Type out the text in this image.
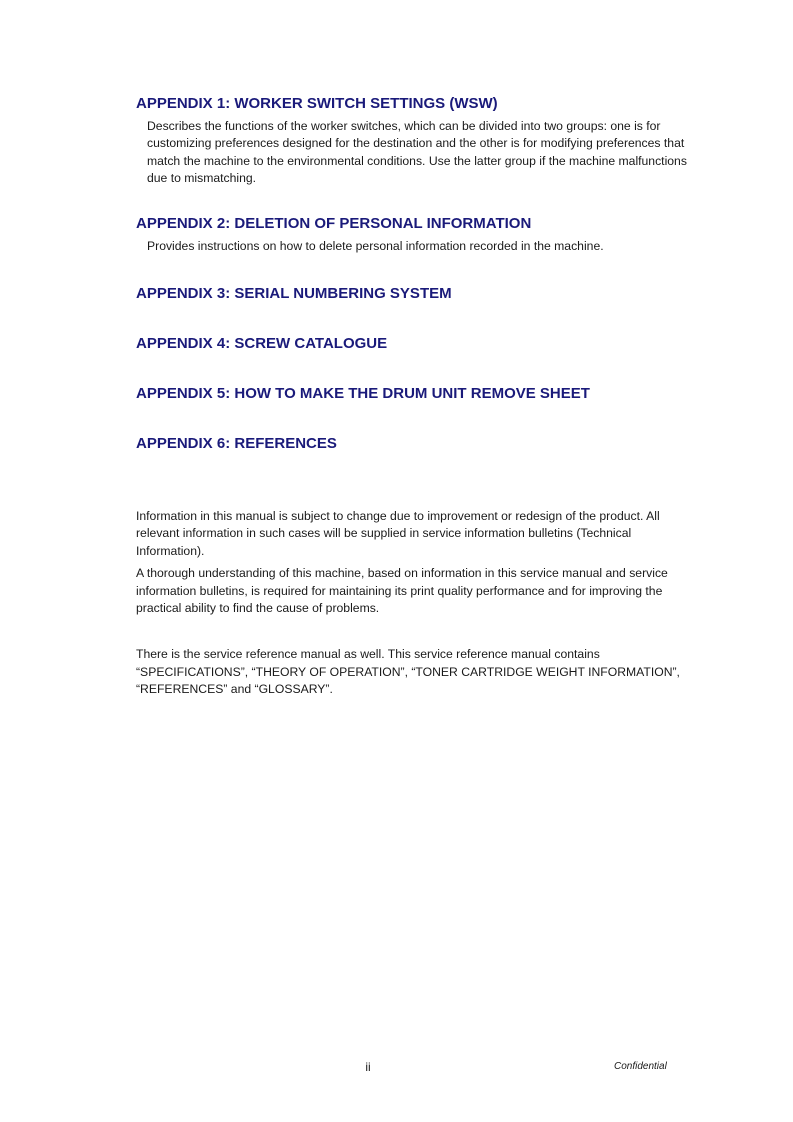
APPENDIX 1: WORKER SWITCH SETTINGS (WSW)

Describes the functions of the worker switches, which can be divided into two groups: one is for customizing preferences designed for the destination and the other is for modifying preferences that match the machine to the environmental conditions. Use the latter group if the machine malfunctions due to mismatching.

APPENDIX 2: DELETION OF PERSONAL INFORMATION

Provides instructions on how to delete personal information recorded in the machine.

APPENDIX 3: SERIAL NUMBERING SYSTEM
APPENDIX 4: SCREW CATALOGUE
APPENDIX 5: HOW TO MAKE THE DRUM UNIT REMOVE SHEET
APPENDIX 6: REFERENCES

Information in this manual is subject to change due to improvement or redesign of the product. All relevant information in such cases will be supplied in service information bulletins (Technical Information).

A thorough understanding of this machine, based on information in this service manual and service information bulletins, is required for maintaining its print quality performance and for improving the practical ability to find the cause of problems.

There is the service reference manual as well. This service reference manual contains “SPECIFICATIONS”, “THEORY OF OPERATION”, “TONER CARTRIDGE WEIGHT INFORMATION”, “REFERENCES” and “GLOSSARY”.

ii	Confidential
